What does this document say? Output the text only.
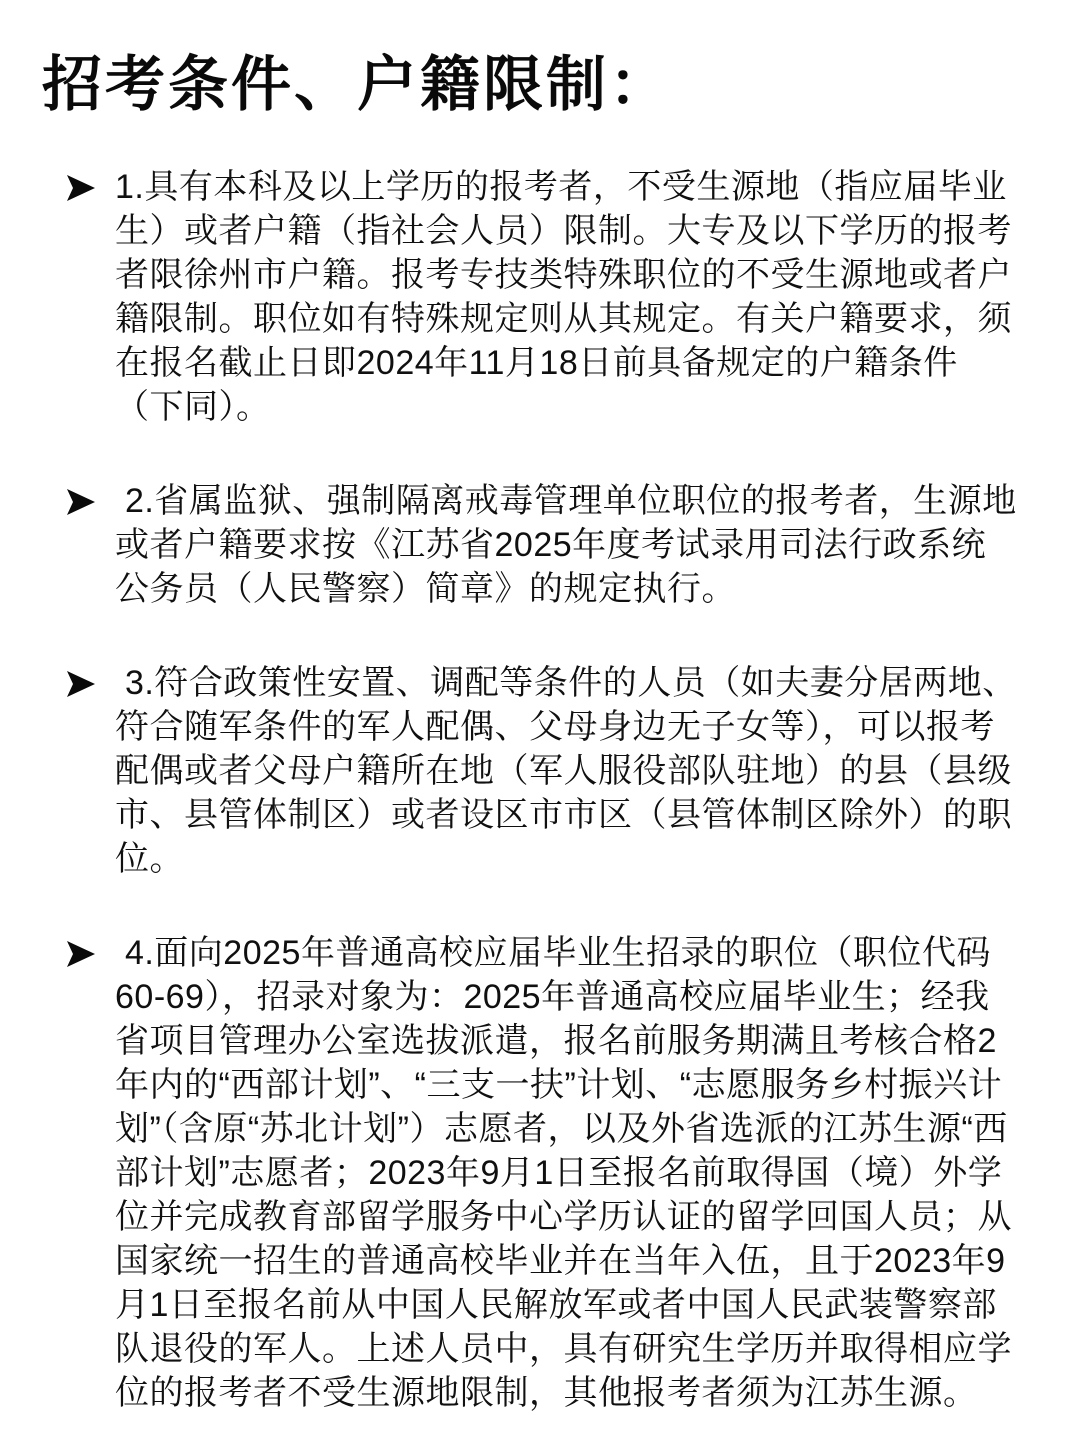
招考条件、户籍限制：
1.具有本科及以上学历的报考者，不受生源地（指应届毕业生）或者户籍（指社会人员）限制。大专及以下学历的报考者限徐州市户籍。报考专技类特殊职位的不受生源地或者户籍限制。职位如有特殊规定则从其规定。有关户籍要求，须在报名截止日即2024年11月18日前具备规定的户籍条件（下同）。
2.省属监狱、强制隔离戒毒管理单位职位的报考者，生源地或者户籍要求按《江苏省2025年度考试录用司法行政系统公务员（人民警察）简章》的规定执行。
3.符合政策性安置、调配等条件的人员（如夫妻分居两地、符合随军条件的军人配偶、父母身边无子女等），可以报考配偶或者父母户籍所在地（军人服役部队驻地）的县（县级市、县管体制区）或者设区市市区（县管体制区除外）的职位。
4.面向2025年普通高校应届毕业生招录的职位（职位代码60-69），招录对象为：2025年普通高校应届毕业生；经我省项目管理办公室选拔派遣，报名前服务期满且考核合格2年内的“西部计划”、“三支一扶”计划、“志愿服务乡村振兴计划”（含原“苏北计划”）志愿者，以及外省选派的江苏生源“西部计划”志愿者；2023年9月1日至报名前取得国（境）外学位并完成教育部留学服务中心学历认证的留学回国人员；从国家统一招生的普通高校毕业并在当年入伍，且于2023年9月1日至报名前从中国人民解放军或者中国人民武装警察部队退役的军人。上述人员中，具有研究生学历并取得相应学位的报考者不受生源地限制，其他报考者须为江苏生源。
